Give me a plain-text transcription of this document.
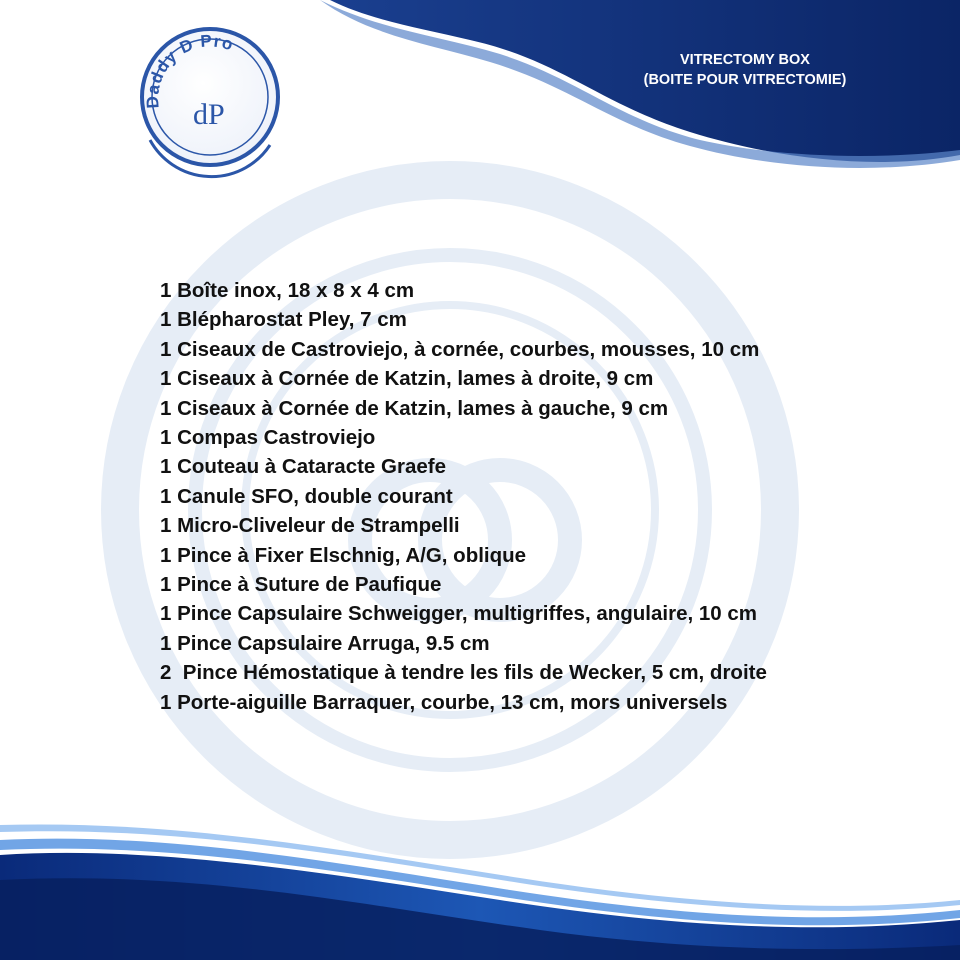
Daddy D Pro
dP
VITRECTOMY BOX
(BOITE POUR VITRECTOMIE)
1 Boîte inox, 18 x 8 x 4 cm
1 Blépharostat Pley, 7 cm
1 Ciseaux de Castroviejo, à cornée, courbes, mousses, 10 cm
1 Ciseaux à Cornée de Katzin, lames à droite, 9 cm
1 Ciseaux à Cornée de Katzin, lames à gauche, 9 cm
1 Compas Castroviejo
1 Couteau à Cataracte Graefe
1 Canule SFO, double courant
1 Micro-Cliveleur de Strampelli
1 Pince à Fixer Elschnig, A/G, oblique
1 Pince à Suture de Paufique
1 Pince Capsulaire Schweigger, multigriffes, angulaire, 10 cm
1 Pince Capsulaire Arruga, 9.5 cm
2  Pince Hémostatique à tendre les fils de Wecker, 5 cm, droite
1 Porte-aiguille Barraquer, courbe, 13 cm, mors universels
